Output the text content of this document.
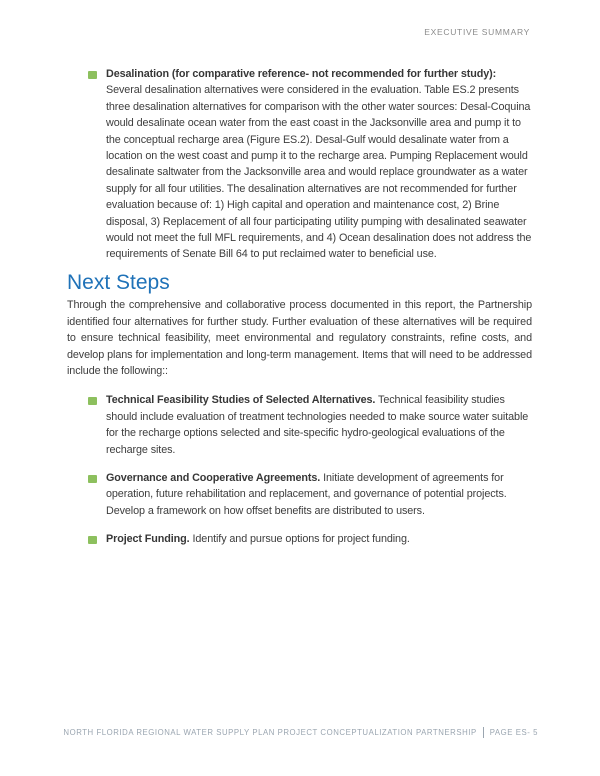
EXECUTIVE SUMMARY
Desalination (for comparative reference- not recommended for further study): Several desalination alternatives were considered in the evaluation. Table ES.2 presents three desalination alternatives for comparison with the other water sources: Desal-Coquina would desalinate ocean water from the east coast in the Jacksonville area and pump it to the conceptual recharge area (Figure ES.2). Desal-Gulf would desalinate water from a location on the west coast and pump it to the recharge area. Pumping Replacement would desalinate saltwater from the Jacksonville area and would replace groundwater as a water supply for all four utilities. The desalination alternatives are not recommended for further evaluation because of: 1) High capital and operation and maintenance cost, 2) Brine disposal, 3) Replacement of all four participating utility pumping with desalinated seawater would not meet the full MFL requirements, and 4) Ocean desalination does not address the requirements of Senate Bill 64 to put reclaimed water to beneficial use.
Next Steps

Through the comprehensive and collaborative process documented in this report, the Partnership identified four alternatives for further study. Further evaluation of these alternatives will be required to ensure technical feasibility, meet environmental and regulatory constraints, refine costs, and develop plans for implementation and long-term management. Items that will need to be addressed include the following::

Technical Feasibility Studies of Selected Alternatives. Technical feasibility studies should include evaluation of treatment technologies needed to make source water suitable for the recharge options selected and site-specific hydro-geological evaluations of the recharge sites.
Governance and Cooperative Agreements. Initiate development of agreements for operation, future rehabilitation and replacement, and governance of potential projects. Develop a framework on how offset benefits are distributed to users.
Project Funding. Identify and pursue options for project funding.
NORTH FLORIDA REGIONAL WATER SUPPLY PLAN PROJECT CONCEPTUALIZATION PARTNERSHIP PAGE ES- 5
